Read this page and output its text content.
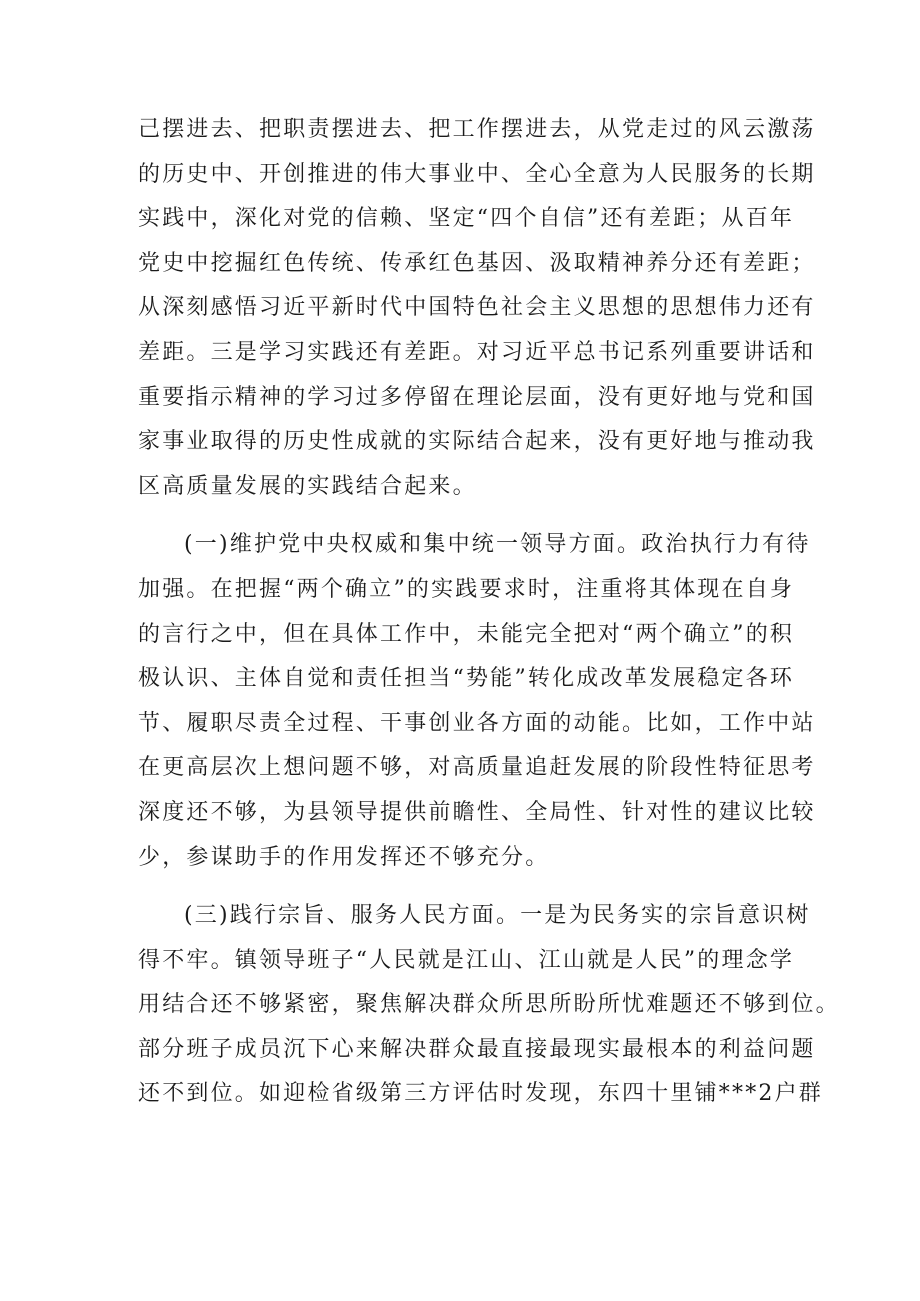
己摆进去、把职责摆进去、把工作摆进去，从党走过的风云激荡
的历史中、开创推进的伟大事业中、全心全意为人民服务的长期
实践中，深化对党的信赖、坚定“四个自信”还有差距；从百年
党史中挖掘红色传统、传承红色基因、汲取精神养分还有差距；
从深刻感悟习近平新时代中国特色社会主义思想的思想伟力还有
差距。三是学习实践还有差距。对习近平总书记系列重要讲话和
重要指示精神的学习过多停留在理论层面，没有更好地与党和国
家事业取得的历史性成就的实际结合起来，没有更好地与推动我
区高质量发展的实践结合起来。
(一)维护党中央权威和集中统一领导方面。政治执行力有待
加强。在把握“两个确立”的实践要求时，注重将其体现在自身
的言行之中，但在具体工作中，未能完全把对“两个确立”的积
极认识、主体自觉和责任担当“势能”转化成改革发展稳定各环
节、履职尽责全过程、干事创业各方面的动能。比如，工作中站
在更高层次上想问题不够，对高质量追赶发展的阶段性特征思考
深度还不够，为县领导提供前瞻性、全局性、针对性的建议比较
少，参谋助手的作用发挥还不够充分。
(三)践行宗旨、服务人民方面。一是为民务实的宗旨意识树
得不牢。镇领导班子“人民就是江山、江山就是人民”的理念学
用结合还不够紧密，聚焦解决群众所思所盼所忧难题还不够到位。
部分班子成员沉下心来解决群众最直接最现实最根本的利益问题
还不到位。如迎检省级第三方评估时发现，东四十里铺***2户群
